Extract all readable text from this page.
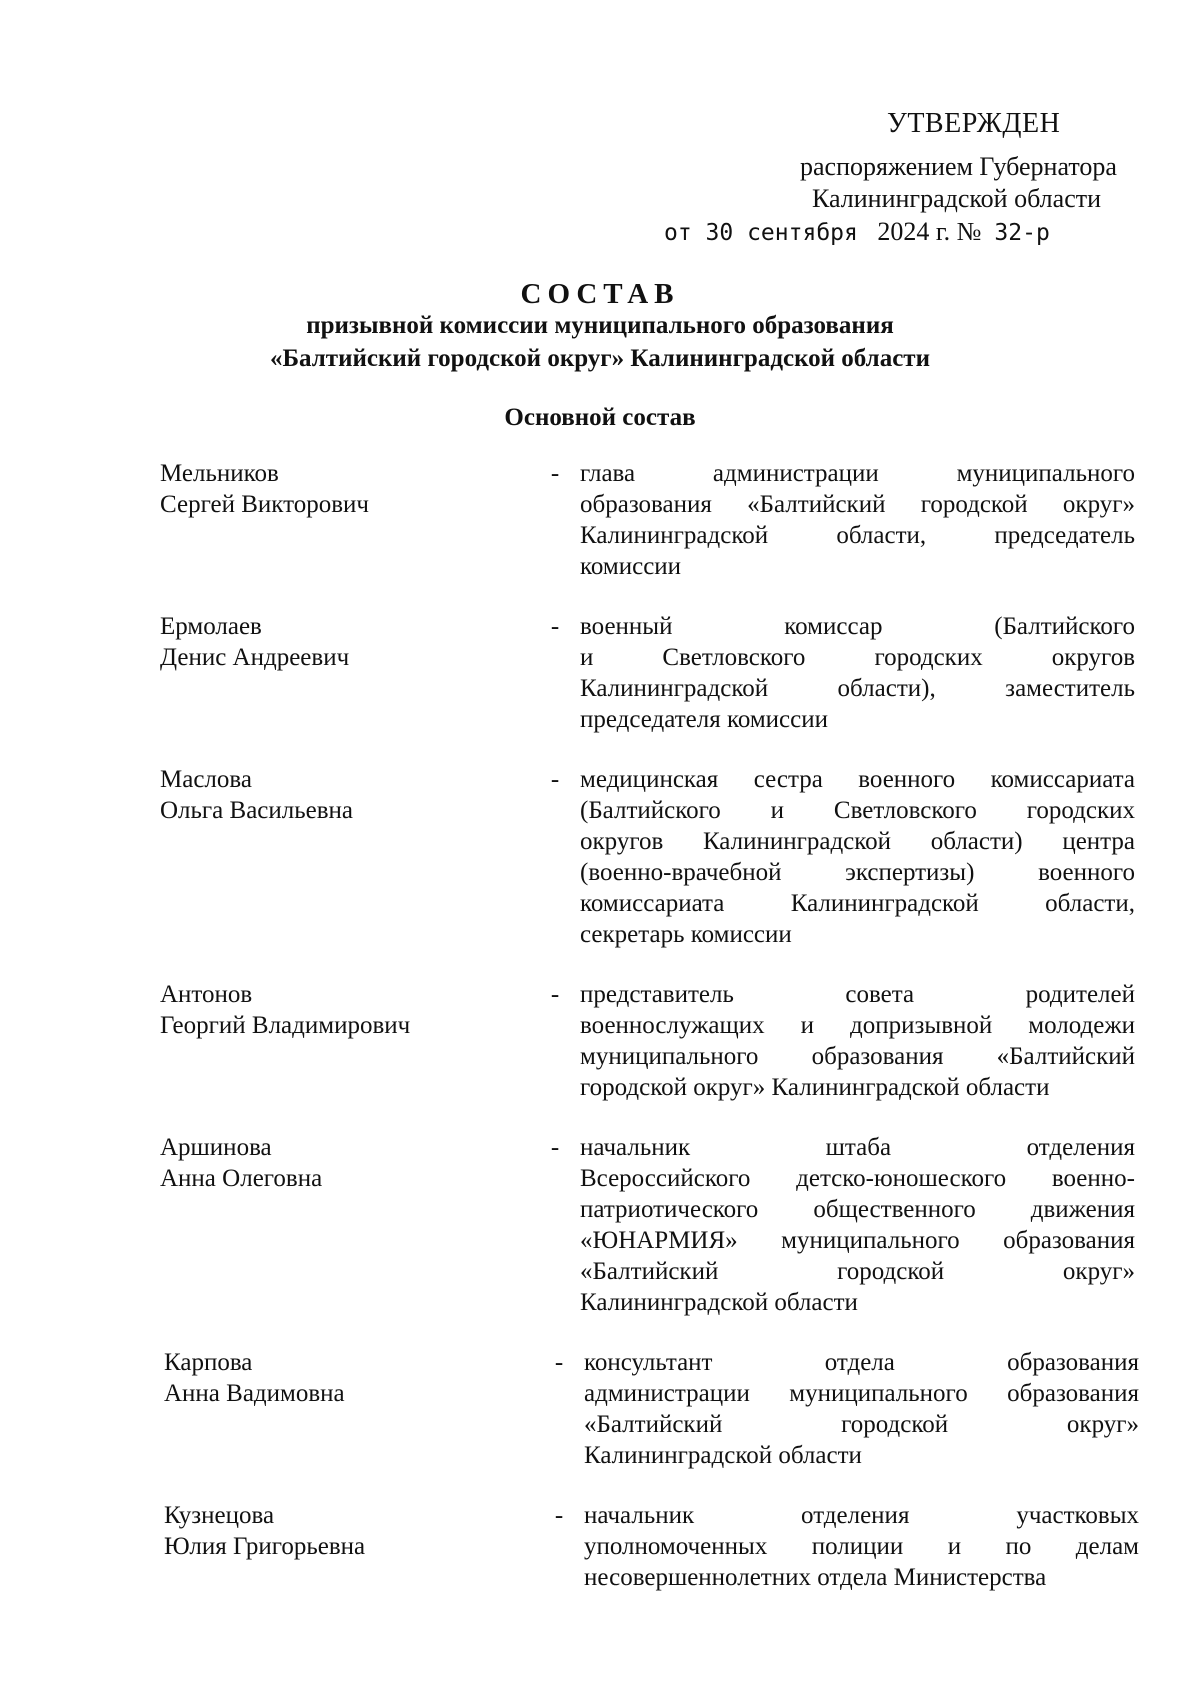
УТВЕРЖДЕН
распоряжением Губернатора
Калининградской области
от 30 сентября 2024 г. № 32-р
СОСТАВ
призывной комиссии муниципального образования
«Балтийский городской округ» Калининградской области
Основной состав
Мельников
Сергей Викторович
- глава администрации муниципального
образования «Балтийский городской округ»
Калининградской области, председатель
комиссии
Ермолаев
Денис Андреевич
- военный комиссар (Балтийского
и Светловского городских округов
Калининградской области), заместитель
председателя комиссии
Маслова
Ольга Васильевна
- медицинская сестра военного комиссариата
(Балтийского и Светловского городских
округов Калининградской области) центра
(военно-врачебной экспертизы) военного
комиссариата Калининградской области,
секретарь комиссии
Антонов
Георгий Владимирович
- представитель совета родителей
военнослужащих и допризывной молодежи
муниципального образования «Балтийский
городской округ» Калининградской области
Аршинова
Анна Олеговна
- начальник штаба отделения
Всероссийского детско-юношеского военно-
патриотического общественного движения
«ЮНАРМИЯ» муниципального образования
«Балтийский городской округ»
Калининградской области
Карпова
Анна Вадимовна
- консультант отдела образования
администрации муниципального образования
«Балтийский городской округ»
Калининградской области
Кузнецова
Юлия Григорьевна
- начальник отделения участковых
уполномоченных полиции и по делам
несовершеннолетних отдела Министерства
